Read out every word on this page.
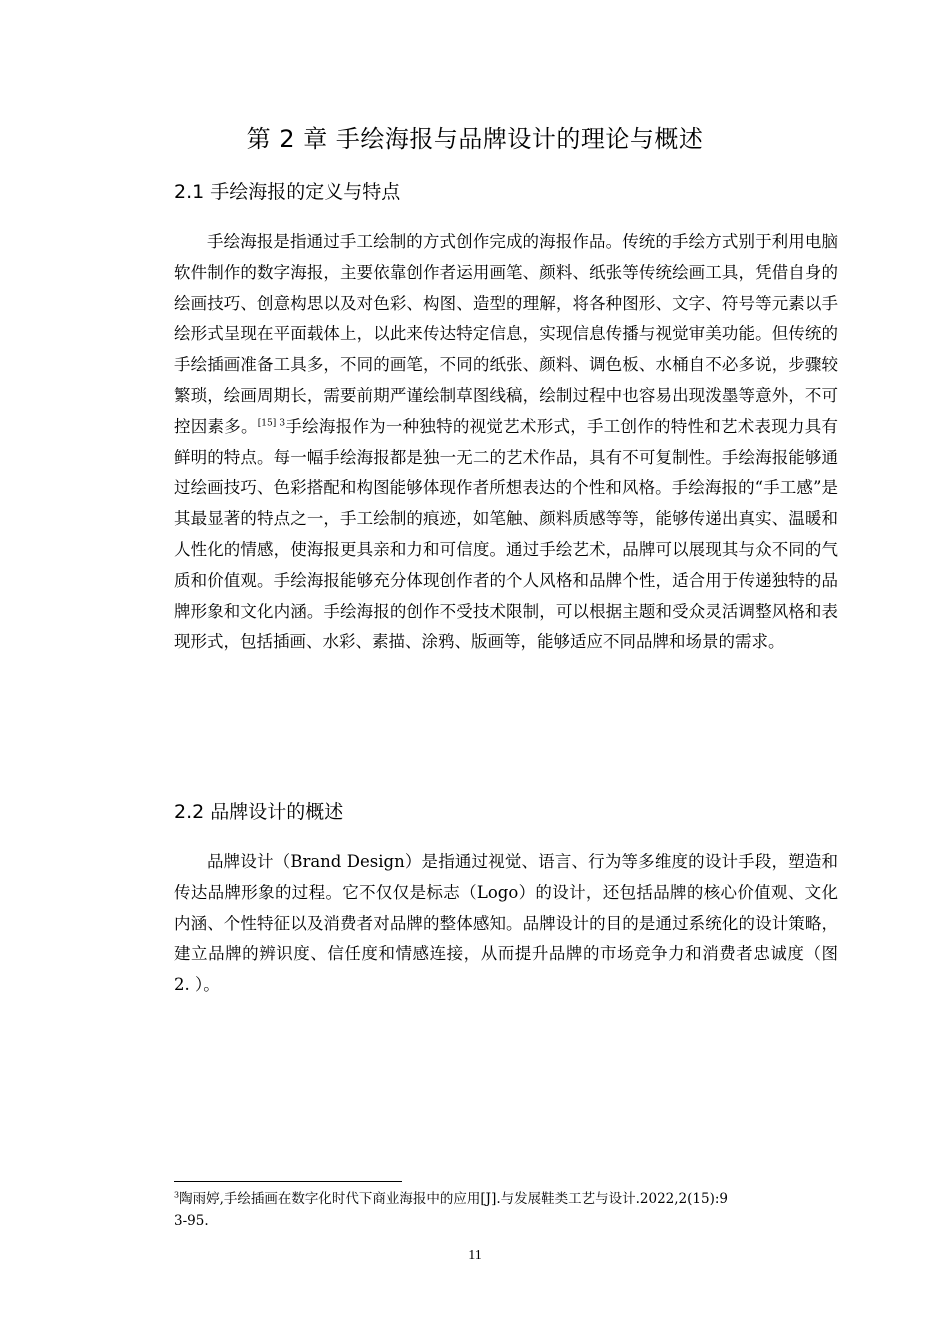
第 2 章 手绘海报与品牌设计的理论与概述
2.1 手绘海报的定义与特点

手绘海报是指通过手工绘制的方式创作完成的海报作品。传统的手绘方式别于利用电脑软件制作的数字海报，主要依靠创作者运用画笔、颜料、纸张等传统绘画工具，凭借自身的绘画技巧、创意构思以及对色彩、构图、造型的理解，将各种图形、文字、符号等元素以手绘形式呈现在平面载体上，以此来传达特定信息，实现信息传播与视觉审美功能。但传统的手绘插画准备工具多，不同的画笔，不同的纸张、颜料、调色板、水桶自不必多说，步骤较繁琐，绘画周期长，需要前期严谨绘制草图线稿，绘制过程中也容易出现泼墨等意外，不可控因素多。$^{[15] 3}$手绘海报作为一种独特的视觉艺术形式，手工创作的特性和艺术表现力具有鲜明的特点。每一幅手绘海报都是独一无二的艺术作品，具有不可复制性。手绘海报能够通过绘画技巧、色彩搭配和构图能够体现作者所想表达的个性和风格。手绘海报的“手工感”是其最显著的特点之一，手工绘制的痕迹，如笔触、颜料质感等等，能够传递出真实、温暖和人性化的情感，使海报更具亲和力和可信度。通过手绘艺术，品牌可以展现其与众不同的气质和价值观。手绘海报能够充分体现创作者的个人风格和品牌个性，适合用于传递独特的品牌形象和文化内涵。手绘海报的创作不受技术限制，可以根据主题和受众灵活调整风格和表现形式，包括插画、水彩、素描、涂鸦、版画等，能够适应不同品牌和场景的需求。

2.2 品牌设计的概述

品牌设计（Brand Design）是指通过视觉、语言、行为等多维度的设计手段，塑造和传达品牌形象的过程。它不仅仅是标志（Logo）的设计，还包括品牌的核心价值观、文化内涵、个性特征以及消费者对品牌的整体感知。品牌设计的目的是通过系统化的设计策略，建立品牌的辨识度、信任度和情感连接，从而提升品牌的市场竞争力和消费者忠诚度（图 2. ）。

$^3$陶雨婷,手绘插画在数字化时代下商业海报中的应用[J].与发展鞋类工艺与设计.2022,2(15):93-95.

11
